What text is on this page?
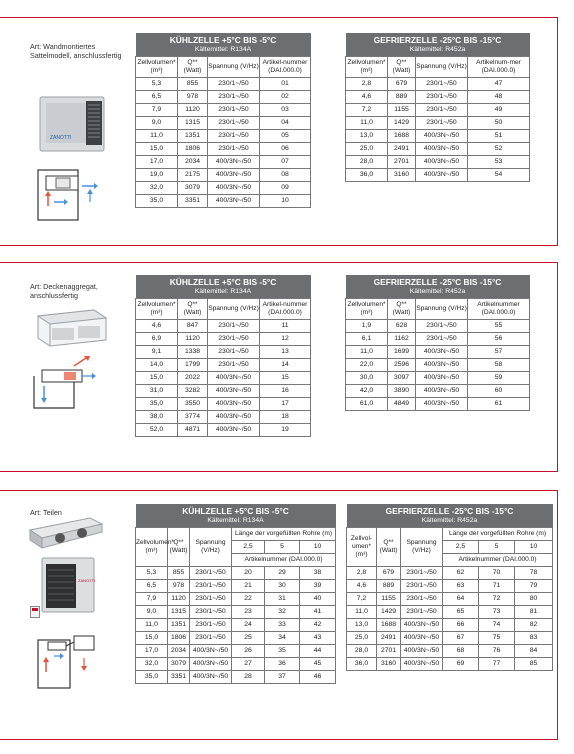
Art: Wandmontiertes Sattelmodell, anschlussfertig
ZANOTTI
KÜHLZELLE +5°C BIS -5°C			
Kältemittel: R134A			
Zellvolumen* (m³)	Q** (Watt)	Spannung (V/Hz)	Artikel-nummer (DAI.000.0)
5,3	855	230/1~/50	01
6,5	978	230/1~/50	02
7,9	1120	230/1~/50	03
9,0	1315	230/1~/50	04
11,0	1351	230/1~/50	05
15,0	1806	230/1~/50	06
17,0	2034	400/3N~/50	07
19,0	2175	400/3N~/50	08
32,0	3079	400/3N~/50	09
35,0	3351	400/3N~/50	10
GEFRIERZELLE -25°C BIS -15°C			
Kältemittel: R452a			
Zellvolumen* (m³)	Q** (Watt)	Spannung (V/Hz)	Artikelnum-mer (DAI.000.0)
2,8	679	230/1~/50	47
4,6	889	230/1~/50	48
7,2	1155	230/1~/50	49
11,0	1429	230/1~/50	50
13,0	1688	400/3N~/50	51
25,0	2491	400/3N~/50	52
28,0	2701	400/3N~/50	53
36,0	3160	400/3N~/50	54
Art: Deckenaggregat, anschlussfertig
KÜHLZELLE +5°C BIS -5°C			
Kältemittel: R134A			
Zellvolumen* (m³)	Q** (Watt)	Spannung (V/Hz)	Artikel-nummer (DAI.000.0)
4,6	847	230/1~/50	11
6,9	1120	230/1~/50	12
9,1	1338	230/1~/50	13
14,0	1799	230/1~/50	14
15,0	2022	400/3N~/50	15
31,0	3282	400/3N~/50	16
35,0	3550	400/3N~/50	17
38,0	3774	400/3N~/50	18
52,0	4871	400/3N~/50	19
GEFRIERZELLE -25°C BIS -15°C			
Kältemittel: R452a			
Zellvolumen* (m³)	Q** (Watt)	Spannung (V/Hz)	Artikelnummer (DAI.000.0)
1,9	628	230/1~/50	55
6,1	1162	230/1~/50	56
11,0	1699	400/3N~/50	57
22,0	2596	400/3N~/50	58
30,0	3097	400/3N~/50	59
42,0	3890	400/3N~/50	60
61,0	4849	400/3N~/50	61
Art: Teilen
ZANOTTI
KÜHLZELLE +5°C BIS -5°C					
Kältemittel: R134A					
Zellvolumen* (m³)	Q** (Watt)	Spannung (V/Hz)	Länge der vorgefüllten Rohre (m)		
			2,5	5	10
			Artikelnummer (DAI.000.0)		
5,3	855	230/1~/50	20	29	38
6,5	978	230/1~/50	21	30	39
7,9	1120	230/1~/50	22	31	40
9,0	1315	230/1~/50	23	32	41
11,0	1351	230/1~/50	24	33	42
15,0	1806	230/1~/50	25	34	43
17,0	2034	400/3N~/50	26	35	44
32,0	3079	400/3N~/50	27	36	45
35,0	3351	400/3N~/50	28	37	46
GEFRIERZELLE -25°C BIS -15°C					
Kältemittel: R452a					
Zellvol-umen* (m³)	Q** (Watt)	Spannung (V/Hz)	Länge der vorgefüllten Rohre (m)		
			2,5	5	10
			Artikelnummer (DAI.000.0)		
2,8	679	230/1~/50	62	70	78
4,6	889	230/1~/50	63	71	79
7,2	1155	230/1~/50	64	72	80
11,0	1429	230/1~/50	65	73	81
13,0	1688	400/3N~/50	66	74	82
25,0	2491	400/3N~/50	67	75	83
28,0	2701	400/3N~/50	68	76	84
36,0	3160	400/3N~/50	69	77	85
